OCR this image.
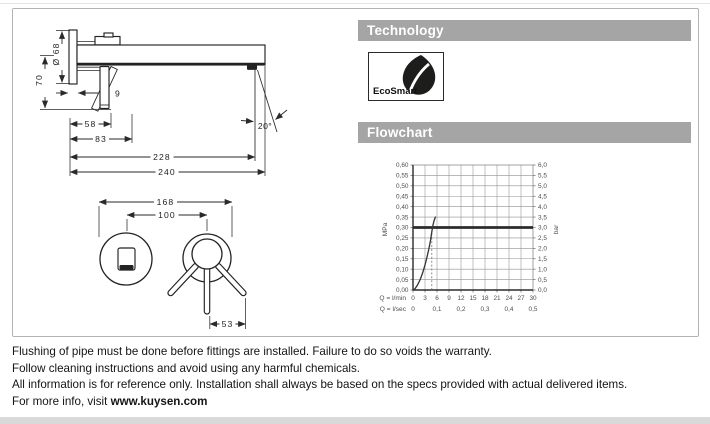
Ø 68
70
9
58
83
228
240
20°
168
100
53
Technology
EcoSmart
Flowchart
0 3 6 9 12 15 18 21 24 27 30
0,60	6,0
0,55	5,5
0,50	5,0
0,45	4,5
0,40	4,0
0,35	3,5
0,30	3,0
0,25	2,5
0,20	2,0
0,15	1,5
0,10	1,0
0,05	0,5
0,00	0,0
0	0,1 0,2 0,3 0,4 0,5
Q = l/min
Q = l/sec
MPa	bar
Flushing of pipe must be done before fittings are installed. Failure to do so voids the warranty.
Follow cleaning instructions and avoid using any harmful chemicals.
All information is for reference only. Installation shall always be based on the specs provided with actual delivered items.
For more info, visit www.kuysen.com
